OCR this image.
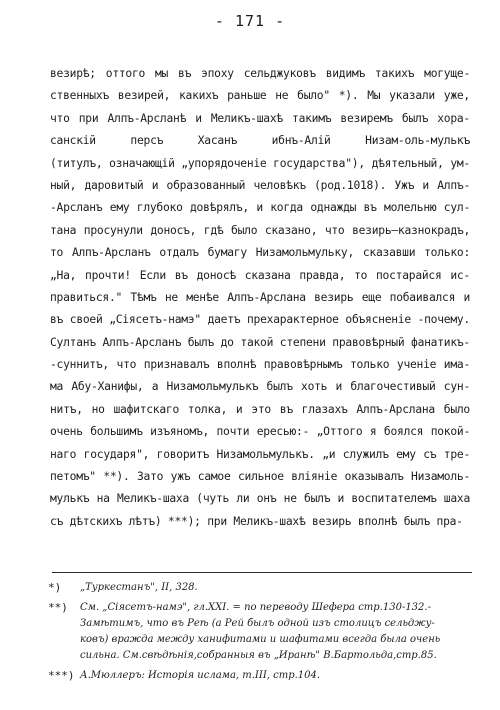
- 171 -
везирѣ; оттого мы въ эпоху сельджуковъ видимъ такихъ могуще-
ственныхъ везирей, какихъ раньше не было" *). Мы указали уже,
что при Алпъ-Арсланѣ и Меликъ-шахѣ такимъ везиремъ былъ хора-
санскій персъ Хасанъ ибнъ-Алій Низам-оль-мулькъ
(титулъ, означающій „упорядоченіе государства"), дѣятельный, ум-
ный, даровитый и образованный человѣкъ (род.1018). Ужъ и Алпъ-
-Арсланъ ему глубоко довѣрялъ, и когда однажды въ молельню сул-
тана просунули доносъ, гдѣ было сказано, что везирь—казнокрадъ,
то Алпъ-Арсланъ отдалъ бумагу Низамольмульку, сказавши только:
„На, прочти! Если въ доносѣ сказана правда, то постарайся ис-
правиться." Тѣмъ не менѣе Алпъ-Арслана везирь еще побаивался и
въ своей „Сіясетъ-намэ" даетъ прехарактерное объясненіе -почему.
Султанъ Алпъ-Арсланъ былъ до такой степени правовѣрный фанатикъ-
-суннитъ, что признавалъ вполнѣ правовѣрнымъ только ученіе има-
ма Абу-Ханифы, а Низамольмулькъ былъ хоть и благочестивый сун-
нитъ, но шафитскаго толка, и это въ глазахъ Алпъ-Арслана было
очень большимъ изъяномъ, почти ересью:- „Оттого я боялся покой-
наго государя", говоритъ Низамольмулькъ. „и служилъ ему съ тре-
петомъ" **). Зато ужъ самое сильное вліяніе оказывалъ Низамоль-
мулькъ на Меликъ-шаха (чуть ли онъ не былъ и воспитателемъ шаха
съ дѣтскихъ лѣтъ) ***); при Меликъ-шахѣ везирь вполнѣ былъ пра-
*)	„Туркестанъ", II, 328.
**)	См. „Сіясетъ-намэ", гл.XXI. = по переводу Шефера стр.130-132.-
Замѣтимъ, что въ Реѣ (а Рей былъ одной изъ столицъ сельджу-
ковъ) вражда между ханифитами и шафитами всегда была очень
сильна. См.свѣдѣнія,собранныя въ „Иранѣ" В.Бартольда,стр.85.
***) А.Мюллеръ: Исторія ислама, т.III, стр.104.
